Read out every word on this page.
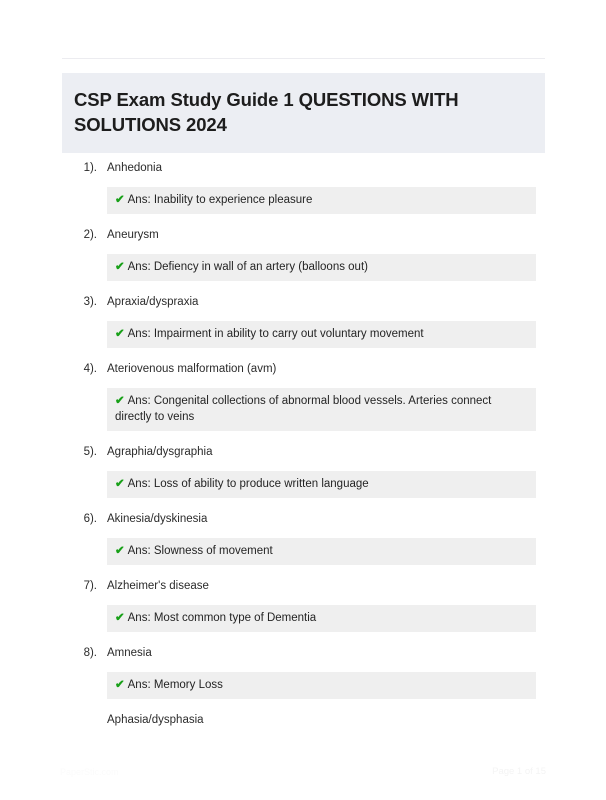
CSP Exam Study Guide 1 QUESTIONS WITH SOLUTIONS 2024
1). Anhedonia

✔ Ans: Inability to experience pleasure

2). Aneurysm

✔ Ans: Defiency in wall of an artery (balloons out)

3). Apraxia/dyspraxia

✔ Ans: Impairment in ability to carry out voluntary movement

4). Ateriovenous malformation (avm)

✔ Ans: Congenital collections of abnormal blood vessels. Arteries connect directly to veins

5). Agraphia/dysgraphia

✔ Ans: Loss of ability to produce written language

6). Akinesia/dyskinesia

✔ Ans: Slowness of movement

7). Alzheimer's disease

✔ Ans: Most common type of Dementia

8). Amnesia

✔ Ans: Memory Loss

Aphasia/dysphasia
PaperStic.com	Page 1 of 15
